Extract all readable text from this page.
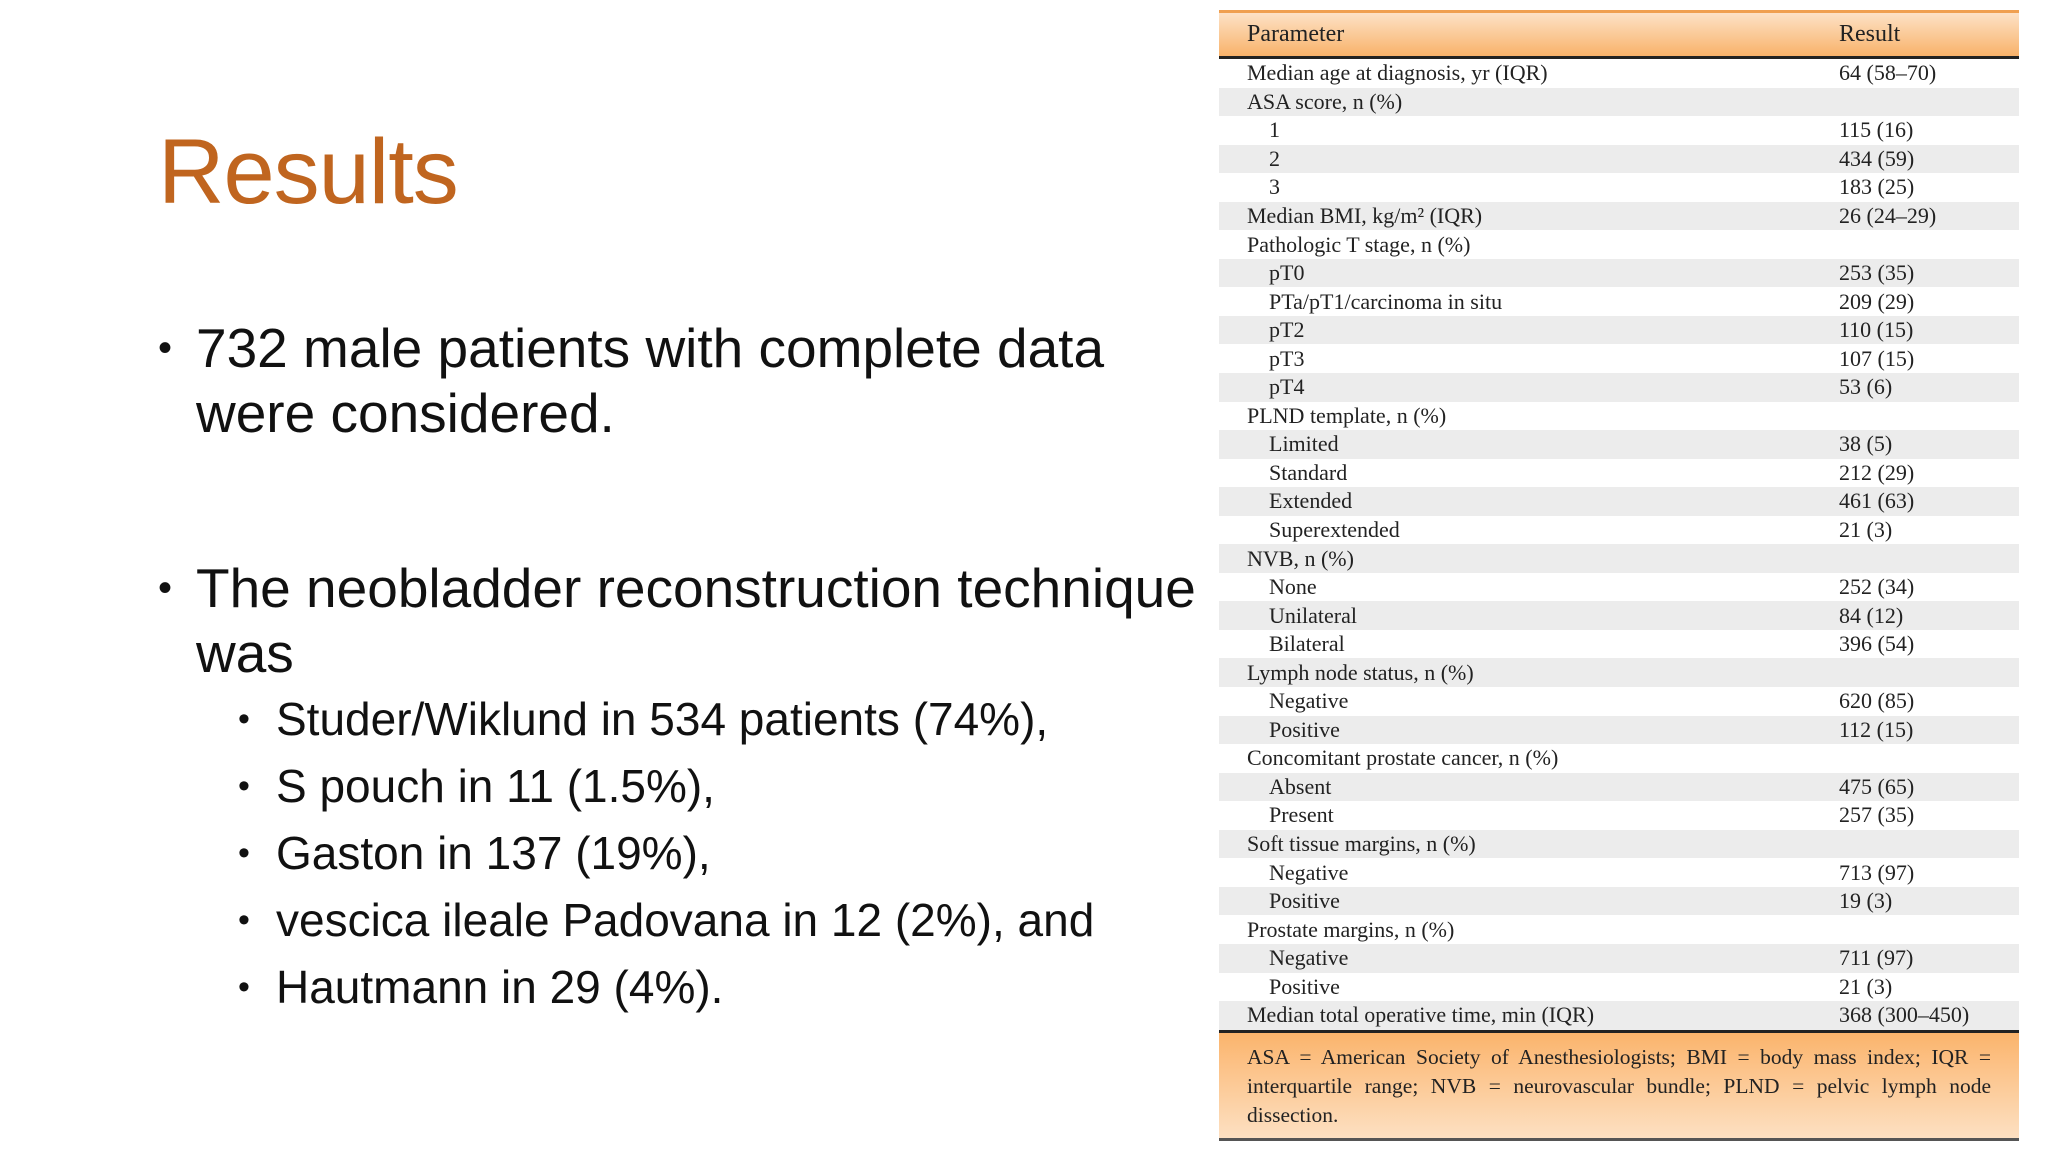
Results
• 732 male patients with complete data were considered.
• The neobladder reconstruction technique was
• Studer/Wiklund in 534 patients (74%),
• S pouch in 11 (1.5%),
• Gaston in 137 (19%),
• vescica ileale Padovana in 12 (2%), and
• Hautmann in 29 (4%).
Parameter	Result
Median age at diagnosis, yr (IQR)	64 (58–70)
ASA score, n (%)
1	115 (16)
2	434 (59)
3	183 (25)
Median BMI, kg/m² (IQR)	26 (24–29)
Pathologic T stage, n (%)
pT0	253 (35)
PTa/pT1/carcinoma in situ	209 (29)
pT2	110 (15)
pT3	107 (15)
pT4	53 (6)
PLND template, n (%)
Limited	38 (5)
Standard	212 (29)
Extended	461 (63)
Superextended	21 (3)
NVB, n (%)
None	252 (34)
Unilateral	84 (12)
Bilateral	396 (54)
Lymph node status, n (%)
Negative	620 (85)
Positive	112 (15)
Concomitant prostate cancer, n (%)
Absent	475 (65)
Present	257 (35)
Soft tissue margins, n (%)
Negative	713 (97)
Positive	19 (3)
Prostate margins, n (%)
Negative	711 (97)
Positive	21 (3)
Median total operative time, min (IQR)	368 (300–450)
ASA = American Society of Anesthesiologists; BMI = body mass index; IQR = interquartile range; NVB = neurovascular bundle; PLND = pelvic lymph node dissection.
